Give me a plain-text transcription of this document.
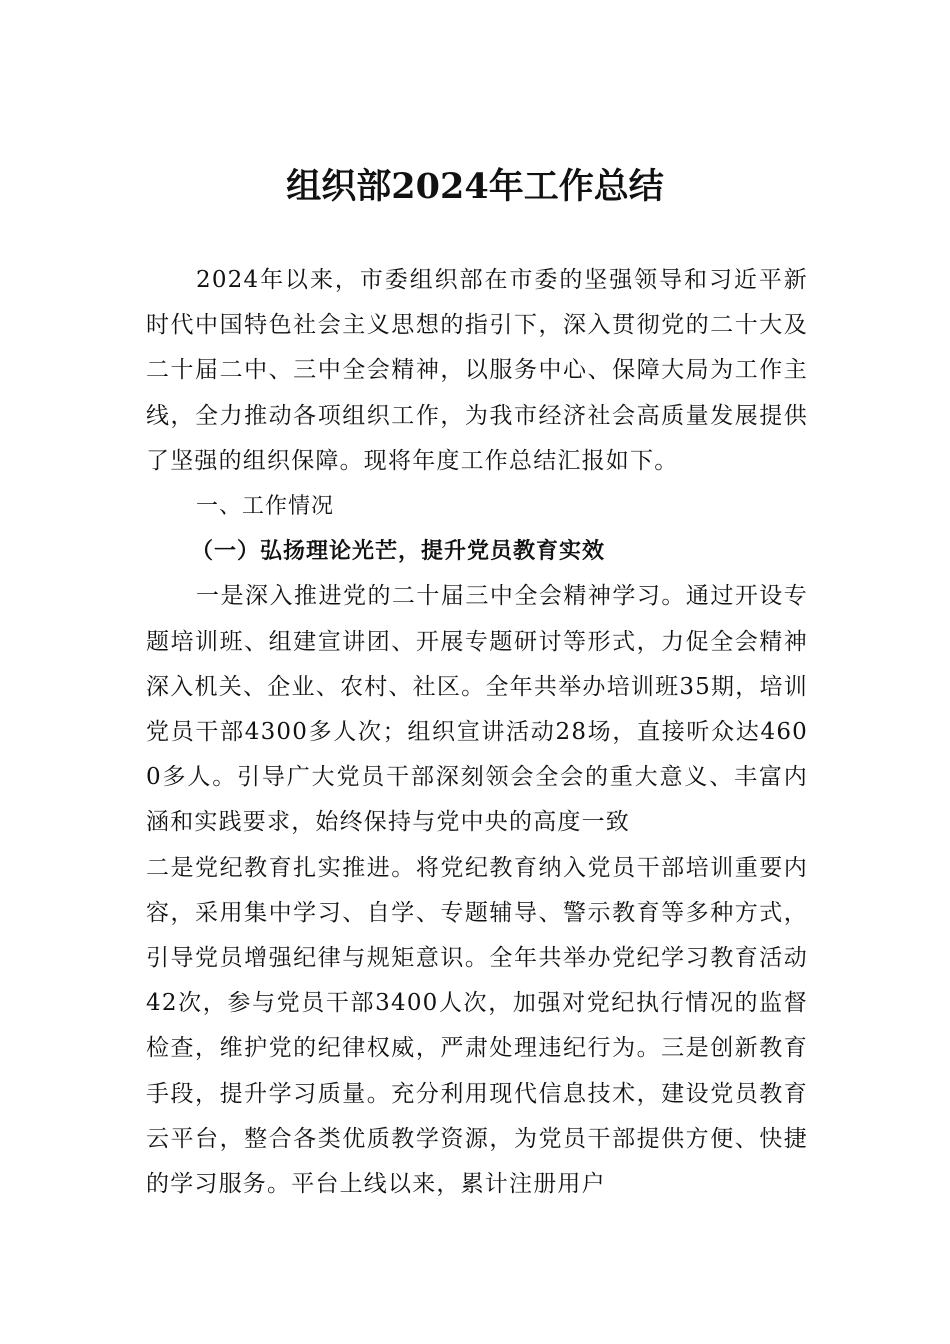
组织部2024年工作总结

2024年以来，市委组织部在市委的坚强领导和习近平新时代中国特色社会主义思想的指引下，深入贯彻党的二十大及二十届二中、三中全会精神，以服务中心、保障大局为工作主线，全力推动各项组织工作，为我市经济社会高质量发展提供了坚强的组织保障。现将年度工作总结汇报如下。

一、工作情况

（一）弘扬理论光芒，提升党员教育实效

一是深入推进党的二十届三中全会精神学习。通过开设专题培训班、组建宣讲团、开展专题研讨等形式，力促全会精神深入机关、企业、农村、社区。全年共举办培训班35期，培训党员干部4300多人次；组织宣讲活动28场，直接听众达4600多人。引导广大党员干部深刻领会全会的重大意义、丰富内涵和实践要求，始终保持与党中央的高度一致

二是党纪教育扎实推进。将党纪教育纳入党员干部培训重要内容，采用集中学习、自学、专题辅导、警示教育等多种方式，引导党员增强纪律与规矩意识。全年共举办党纪学习教育活动42次，参与党员干部3400人次，加强对党纪执行情况的监督检查，维护党的纪律权威，严肃处理违纪行为。三是创新教育手段，提升学习质量。充分利用现代信息技术，建设党员教育云平台，整合各类优质教学资源，为党员干部提供方便、快捷的学习服务。平台上线以来，累计注册用户
